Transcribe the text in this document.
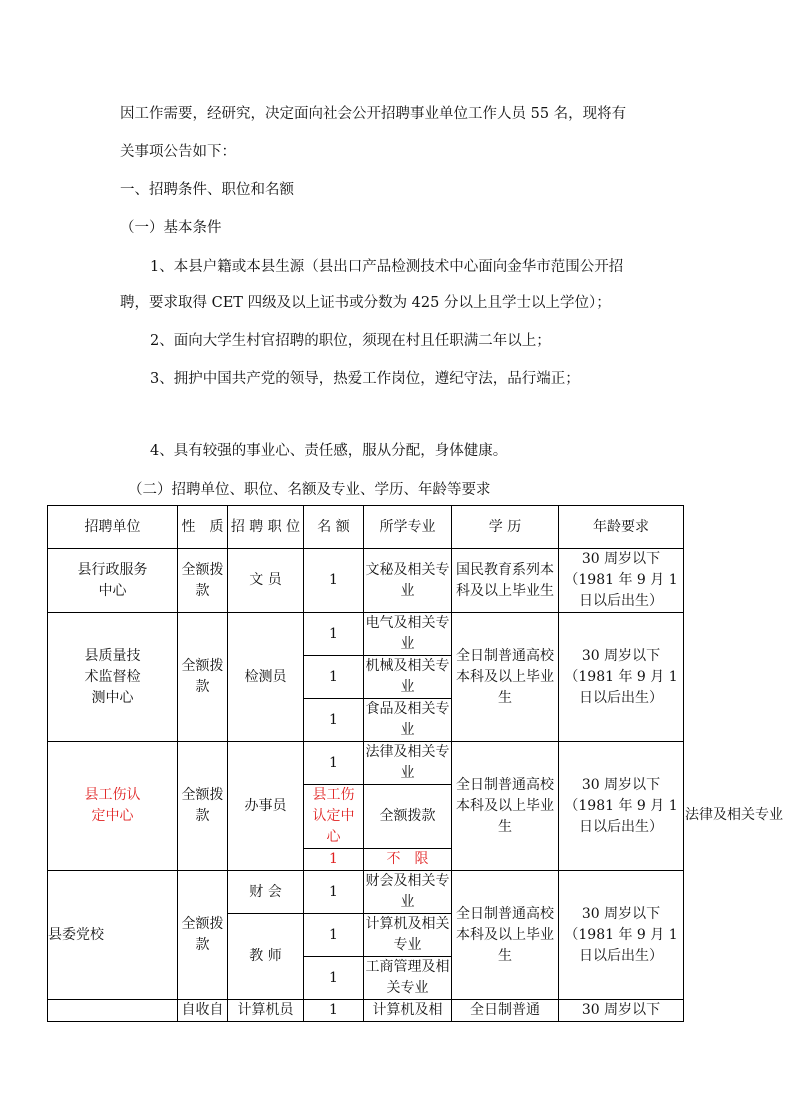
因工作需要，经研究，决定面向社会公开招聘事业单位工作人员 55 名，现将有
关事项公告如下：
一、招聘条件、职位和名额
（一）基本条件
1、本县户籍或本县生源（县出口产品检测技术中心面向金华市范围公开招
聘，要求取得 CET 四级及以上证书或分数为 425 分以上且学士以上学位）；
2、面向大学生村官招聘的职位，须现在村且任职满二年以上；
3、拥护中国共产党的领导，热爱工作岗位，遵纪守法，品行端正；
4、具有较强的事业心、责任感，服从分配，身体健康。
（二）招聘单位、职位、名额及专业、学历、年龄等要求
招聘单位	性　质	招 聘 职 位	名 额	所学专业	学 历	年龄要求
县行政服务中心	全额拨款	文 员	1	文秘及相关专业	国民教育系列本科及以上毕业生	30 周岁以下（1981 年 9 月 1 日以后出生）
县质量技术监督检测中心	全额拨款	检测员	1	电气及相关专业	全日制普通高校本科及以上毕业生	30 周岁以下（1981 年 9 月 1 日以后出生）
			1	机械及相关专业		
			1	食品及相关专业		
县工伤认定中心	全额拨款	办事员	1	法律及相关专业	全日制普通高校本科及以上毕业生	30 周岁以下（1981 年 9 月 1 日以后出生）
			县工伤认定中心	全额拨款		
			1	不　限		
县委党校	全额拨款	财 会	1	财会及相关专业	全日制普通高校本科及以上毕业生	30 周岁以下（1981 年 9 月 1 日以后出生）
		教 师	1	计算机及相关专业		
			1	工商管理及相关专业		
	自收自	计算机员	1	计算机及相	全日制普通	30 周岁以下
法律及相关专业
